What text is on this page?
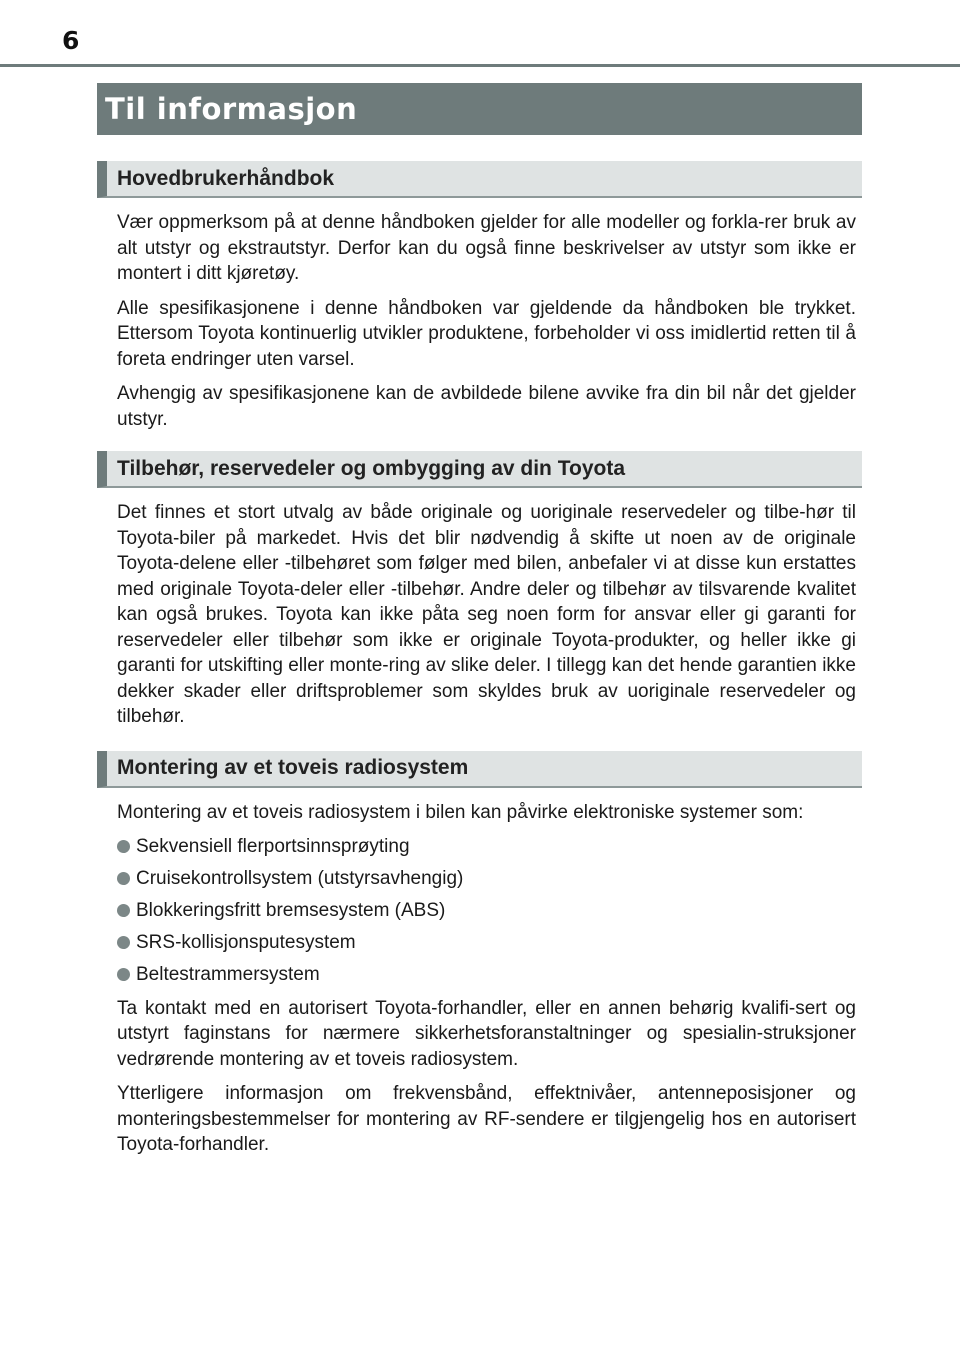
6
Til informasjon
Hovedbrukerhåndbok

Vær oppmerksom på at denne håndboken gjelder for alle modeller og forkla-rer bruk av alt utstyr og ekstrautstyr. Derfor kan du også finne beskrivelser av utstyr som ikke er montert i ditt kjøretøy.

Alle spesifikasjonene i denne håndboken var gjeldende da håndboken ble trykket. Ettersom Toyota kontinuerlig utvikler produktene, forbeholder vi oss imidlertid retten til å foreta endringer uten varsel.

Avhengig av spesifikasjonene kan de avbildede bilene avvike fra din bil når det gjelder utstyr.

Tilbehør, reservedeler og ombygging av din Toyota

Det finnes et stort utvalg av både originale og uoriginale reservedeler og tilbe-hør til Toyota-biler på markedet. Hvis det blir nødvendig å skifte ut noen av de originale Toyota-delene eller -tilbehøret som følger med bilen, anbefaler vi at disse kun erstattes med originale Toyota-deler eller -tilbehør. Andre deler og tilbehør av tilsvarende kvalitet kan også brukes. Toyota kan ikke påta seg noen form for ansvar eller gi garanti for reservedeler eller tilbehør som ikke er originale Toyota-produkter, og heller ikke gi garanti for utskifting eller monte-ring av slike deler. I tillegg kan det hende garantien ikke dekker skader eller driftsproblemer som skyldes bruk av uoriginale reservedeler og tilbehør.

Montering av et toveis radiosystem

Montering av et toveis radiosystem i bilen kan påvirke elektroniske systemer som:

Sekvensiell flerportsinnsprøyting
Cruisekontrollsystem (utstyrsavhengig)
Blokkeringsfritt bremsesystem (ABS)
SRS-kollisjonsputesystem
Beltestrammersystem

Ta kontakt med en autorisert Toyota-forhandler, eller en annen behørig kvalifi-sert og utstyrt faginstans for nærmere sikkerhetsforanstaltninger og spesialin-struksjoner vedrørende montering av et toveis radiosystem.

Ytterligere informasjon om frekvensbånd, effektnivåer, antenneposisjoner og monteringsbestemmelser for montering av RF-sendere er tilgjengelig hos en autorisert Toyota-forhandler.
